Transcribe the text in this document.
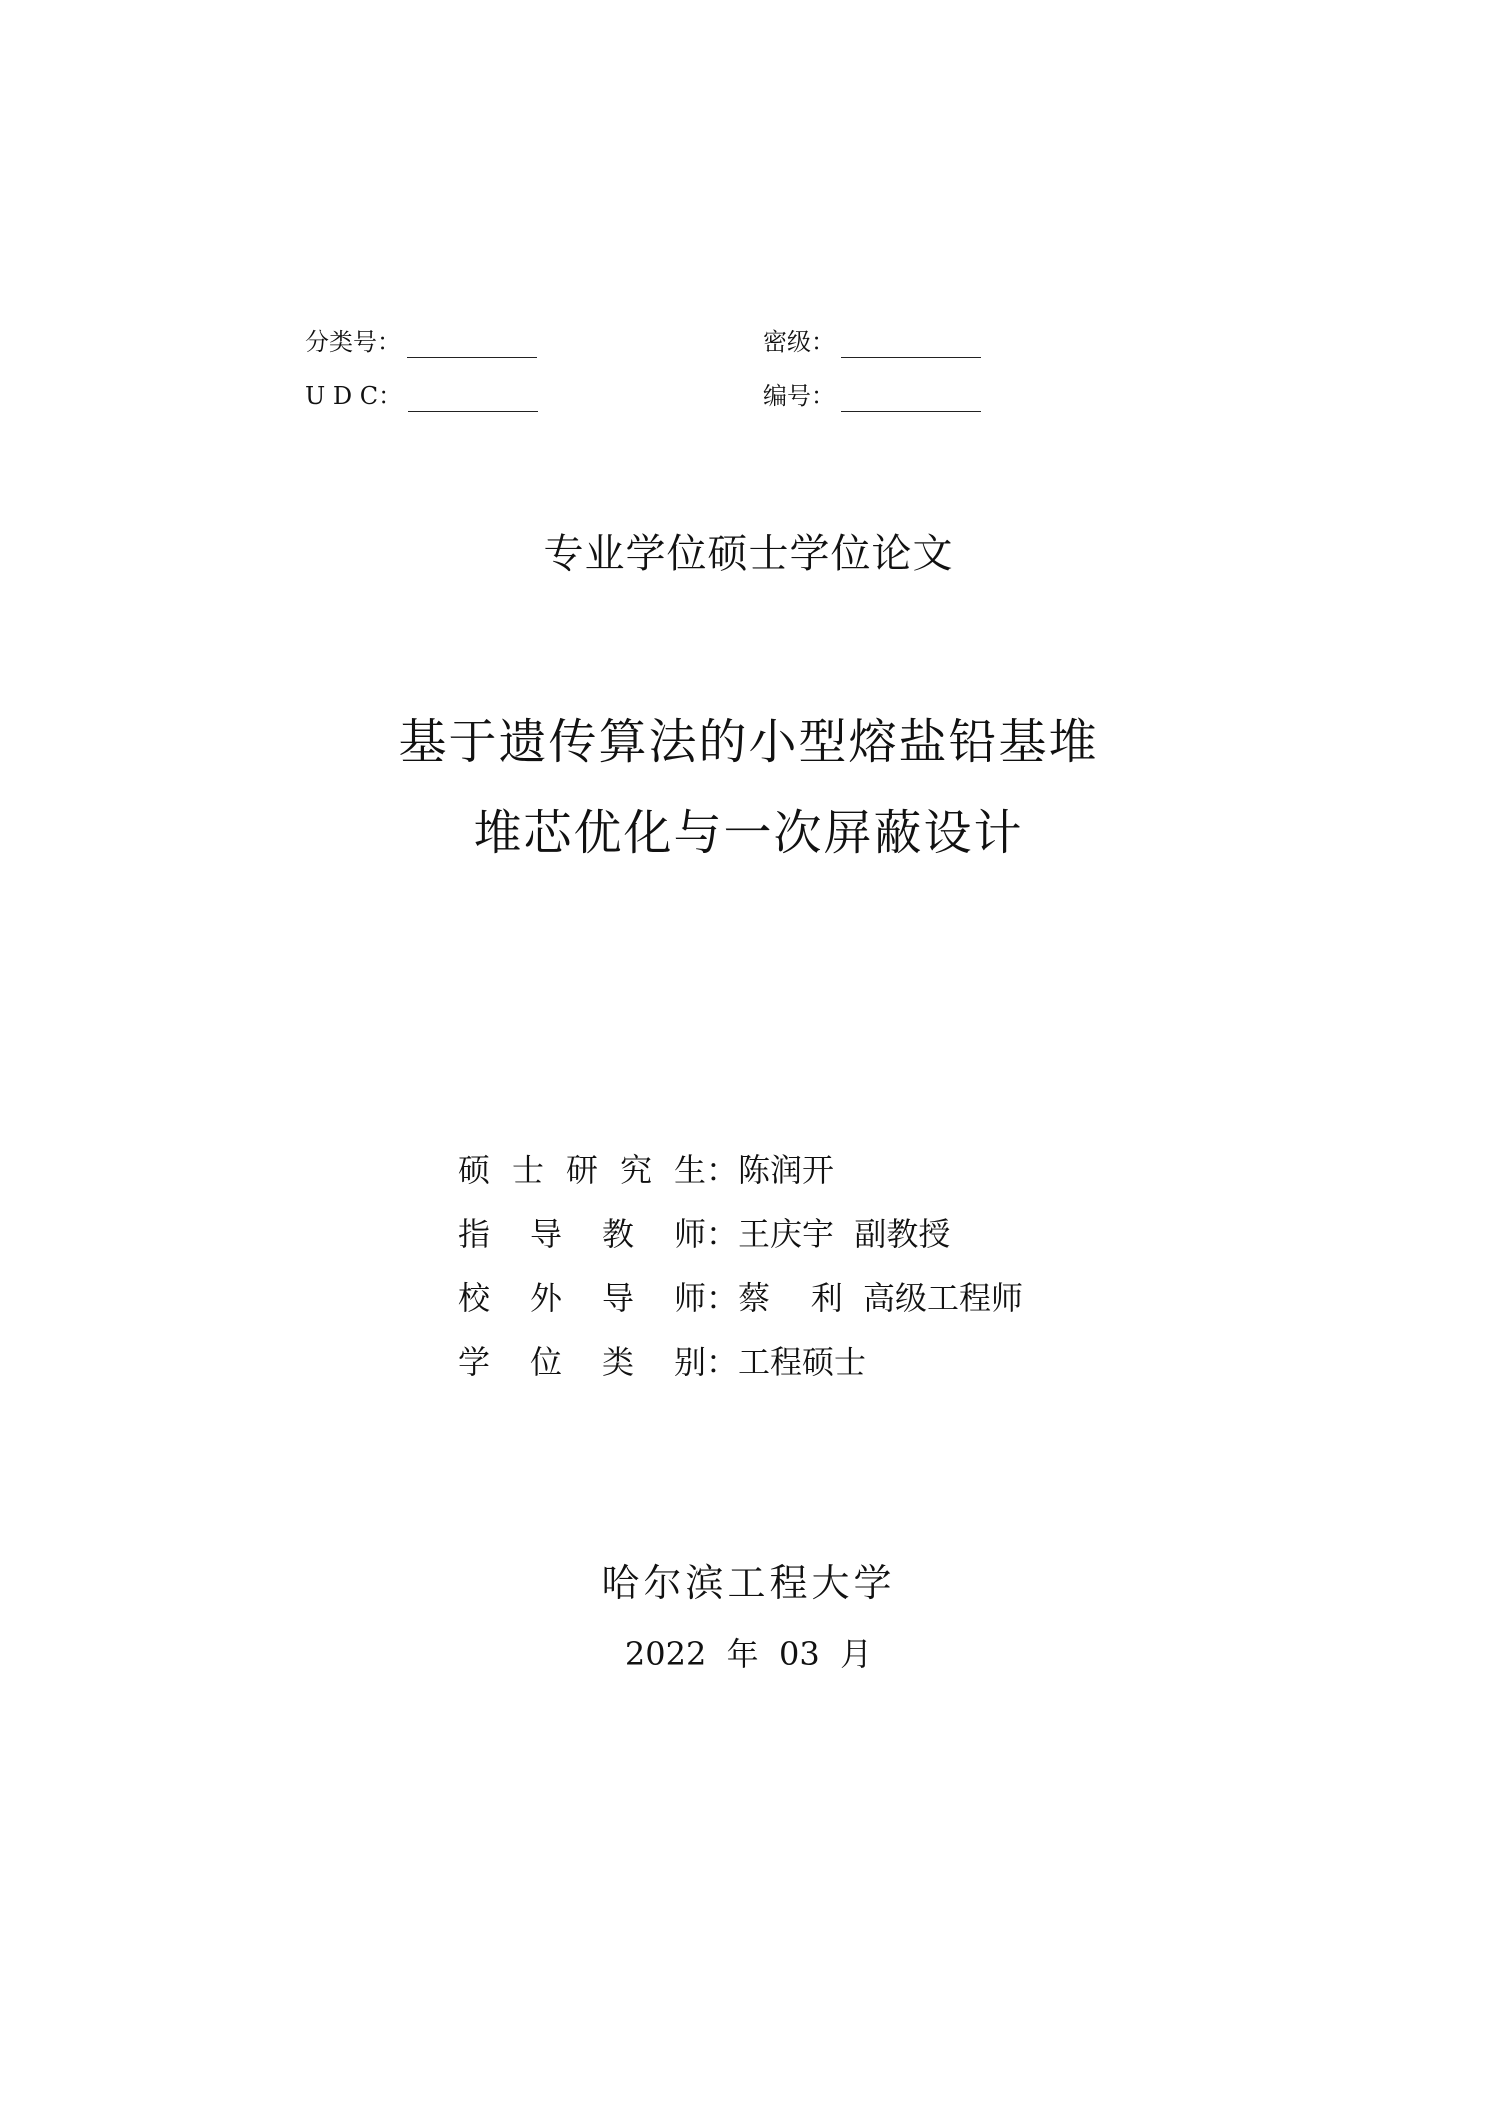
分类号：	密级：
U D C：	编号：
专业学位硕士学位论文
基于遗传算法的小型熔盐铅基堆
堆芯优化与一次屏蔽设计
硕 士 研 究 生 ： 陈润开
指 导 教 师 ： 王庆宇  副教授
校 外 导 师 ： 蔡    利  高级工程师
学 位 类 别 ： 工程硕士
哈尔滨工程大学
2022  年  03  月
